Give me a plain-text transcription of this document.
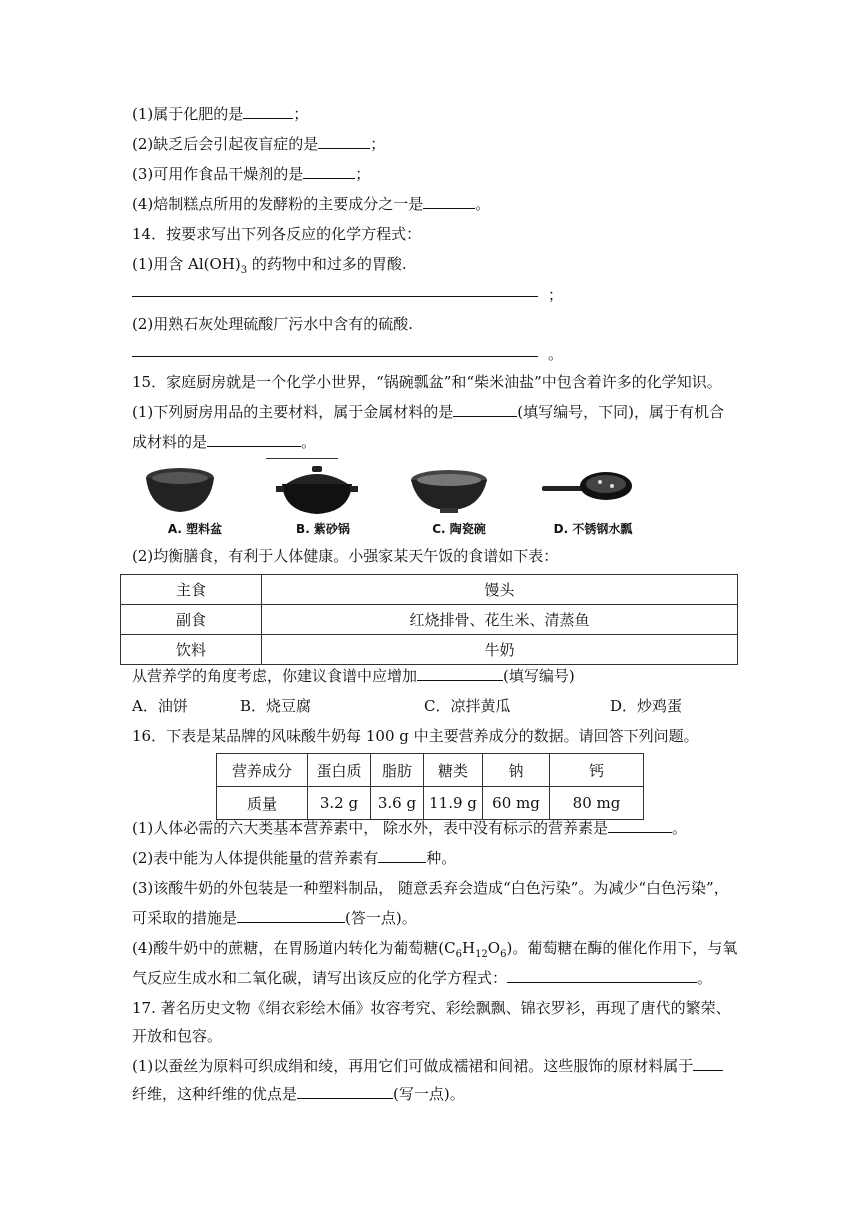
(1)属于化肥的是	；
(2)缺乏后会引起夜盲症的是	；
(3)可用作食品干燥剂的是	；
(4)焙制糕点所用的发酵粉的主要成分之一是	。
14．按要求写出下列各反应的化学方程式：
(1)用含 $Al(OH)_3$ 的药物中和过多的胃酸.
；
(2)用熟石灰处理硫酸厂污水中含有的硫酸.
。
15．家庭厨房就是一个化学小世界，“锅碗瓢盆”和“柴米油盐”中包含着许多的化学知识。
(1)下列厨房用品的主要材料，属于金属材料的是	(填写编号，下同)，属于有机合
成材料的是	。
A. 塑料盆	B. 紫砂锅	C. 陶瓷碗	D. 不锈钢水瓢
(2)均衡膳食，有利于人体健康。小强家某天午饭的食谱如下表：
主食	馒头
副食	红烧排骨、花生米、清蒸鱼
饮料	牛奶
从营养学的角度考虑，你建议食谱中应增加	(填写编号)
A．油饼	B．烧豆腐	C．凉拌黄瓜	D．炒鸡蛋
16．下表是某品牌的风味酸牛奶每 100 g 中主要营养成分的数据。请回答下列问题。
营养成分	蛋白质	脂肪	糖类	钠	钙
质量	3.2 g	3.6 g	11.9 g	60 mg	80 mg
(1)人体必需的六大类基本营养素中， 除水外，表中没有标示的营养素是	。
(2)表中能为人体提供能量的营养素有	种。
(3)该酸牛奶的外包装是一种塑料制品， 随意丢弃会造成“白色污染”。为减少“白色污染”，
可采取的措施是	(答一点)。
(4)酸牛奶中的蔗糖，在胃肠道内转化为葡萄糖$(C_6H_{12}O_6)$。葡萄糖在酶的催化作用下，与氧
气反应生成水和二氧化碳，请写出该反应的化学方程式：	。
17. 著名历史文物《绢衣彩绘木俑》妆容考究、彩绘飘飘、锦衣罗衫，再现了唐代的繁荣、
开放和包容。
(1)以蚕丝为原料可织成绢和绫，再用它们可做成襦裙和间裙。这些服饰的原材料属于
纤维，这种纤维的优点是	(写一点)。
